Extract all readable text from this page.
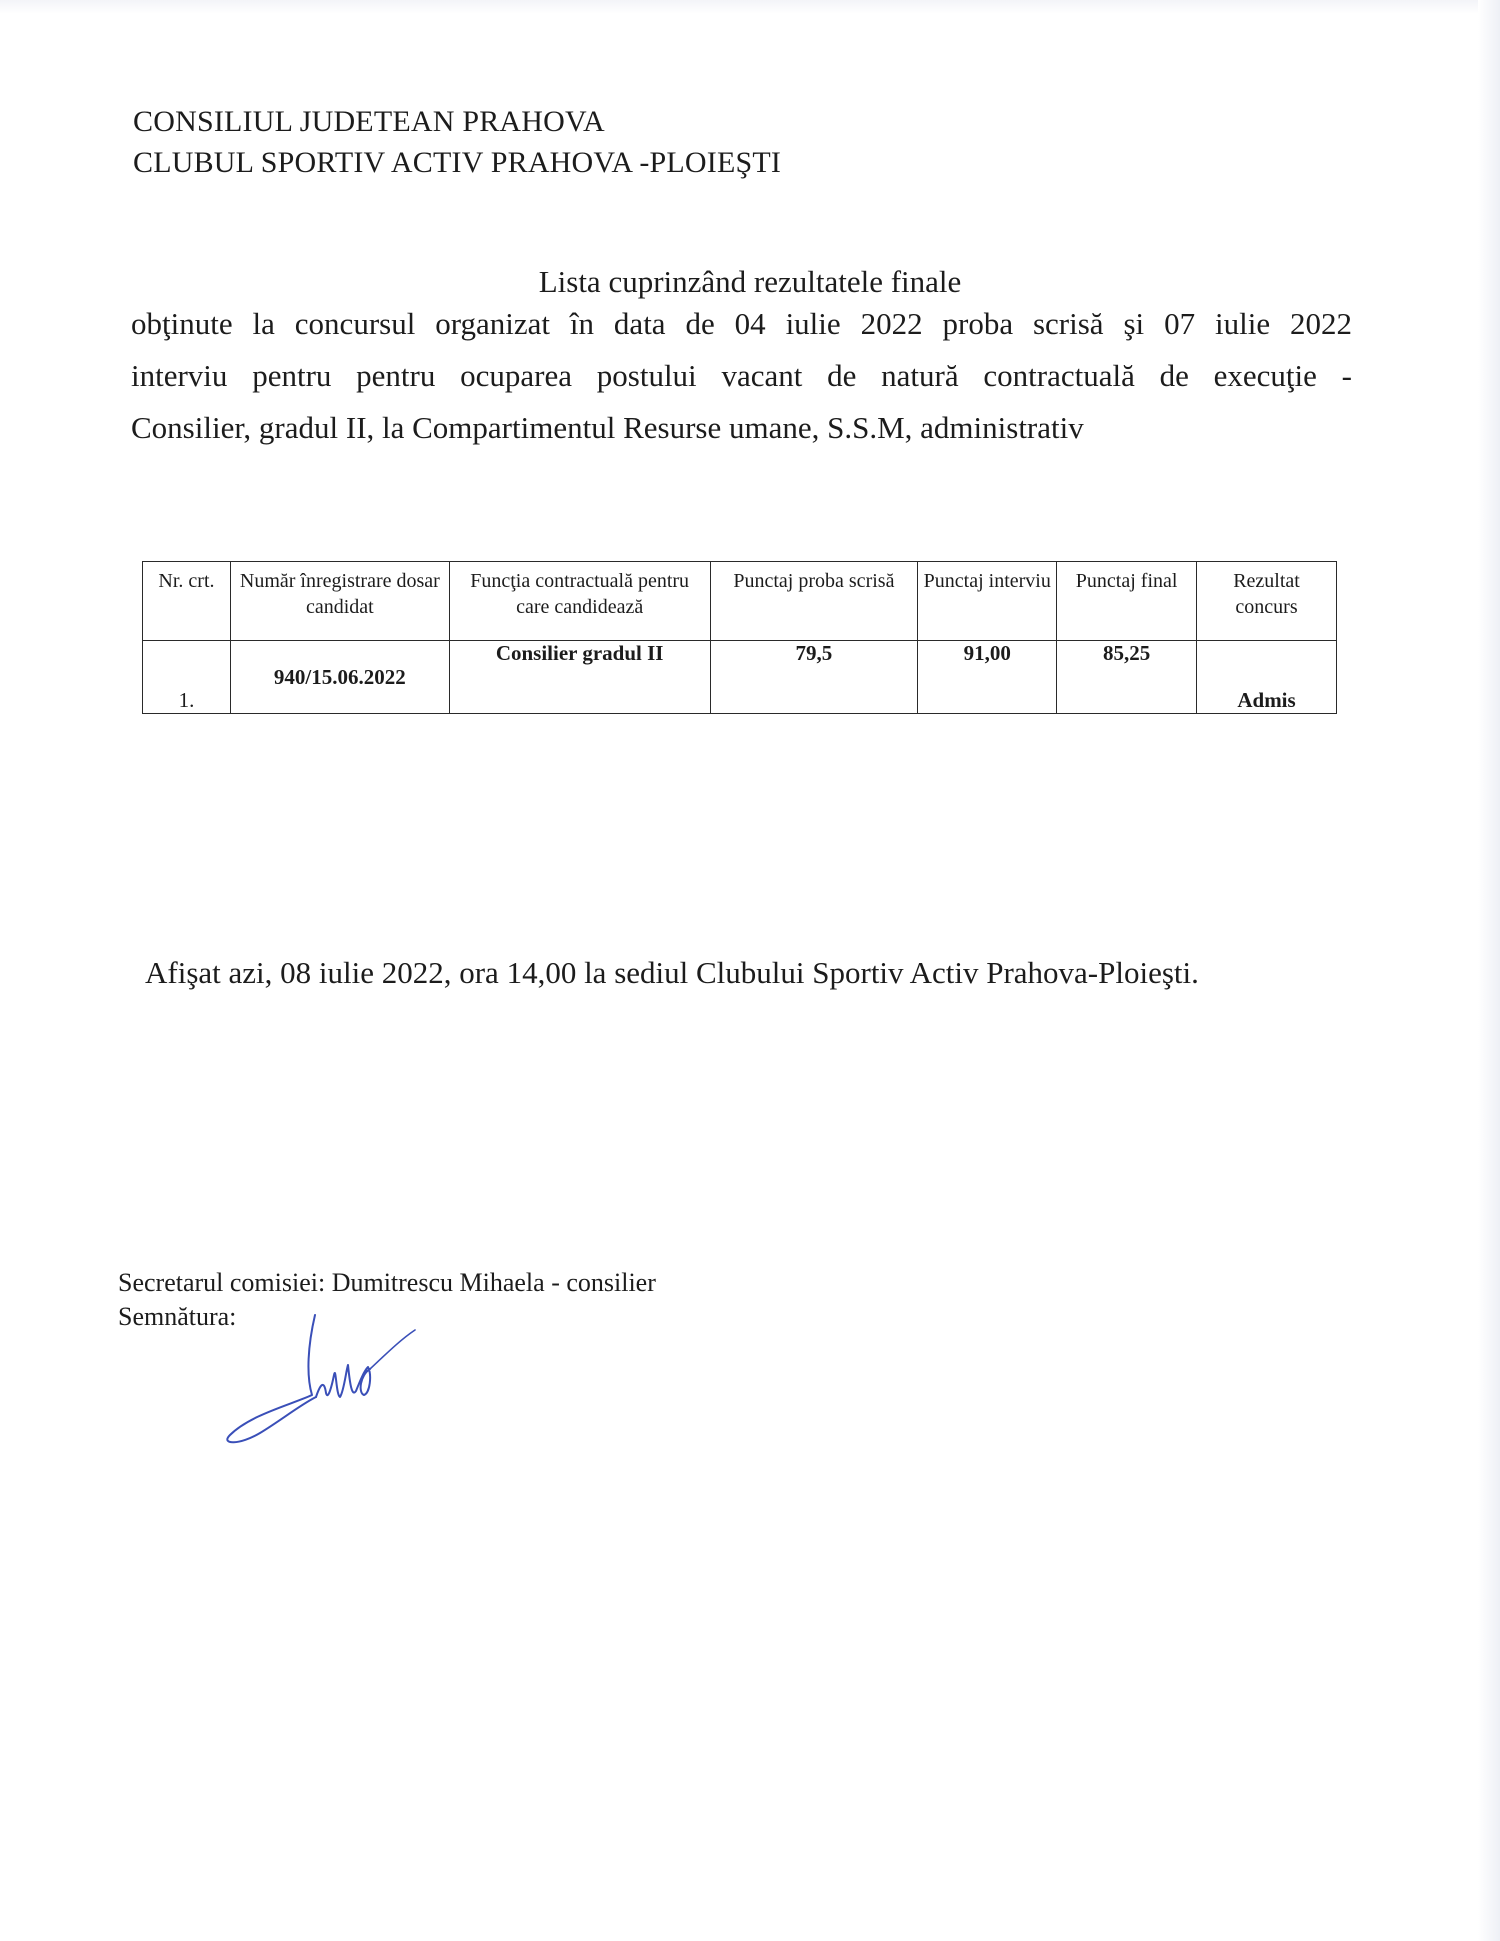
CONSILIUL JUDETEAN PRAHOVA
CLUBUL SPORTIV ACTIV PRAHOVA -PLOIEŞTI
Lista cuprinzând rezultatele finale
obţinute la concursul organizat în data de 04 iulie 2022 proba scrisă şi 07 iulie 2022
interviu pentru pentru ocuparea postului vacant de natură contractuală de execuţie -
Consilier, gradul II, la Compartimentul Resurse umane, S.S.M, administrativ
Nr. crt.	Număr înregistrare dosar candidat	Funcţia contractuală pentru care candidează	Punctaj proba scrisă	Punctaj interviu	Punctaj final	Rezultat concurs
1.	940/15.06.2022	Consilier gradul II	79,5	91,00	85,25	Admis
Afişat azi, 08 iulie 2022, ora 14,00 la sediul Clubului Sportiv Activ Prahova-Ploieşti.
Secretarul comisiei: Dumitrescu Mihaela - consilier
Semnătura:
